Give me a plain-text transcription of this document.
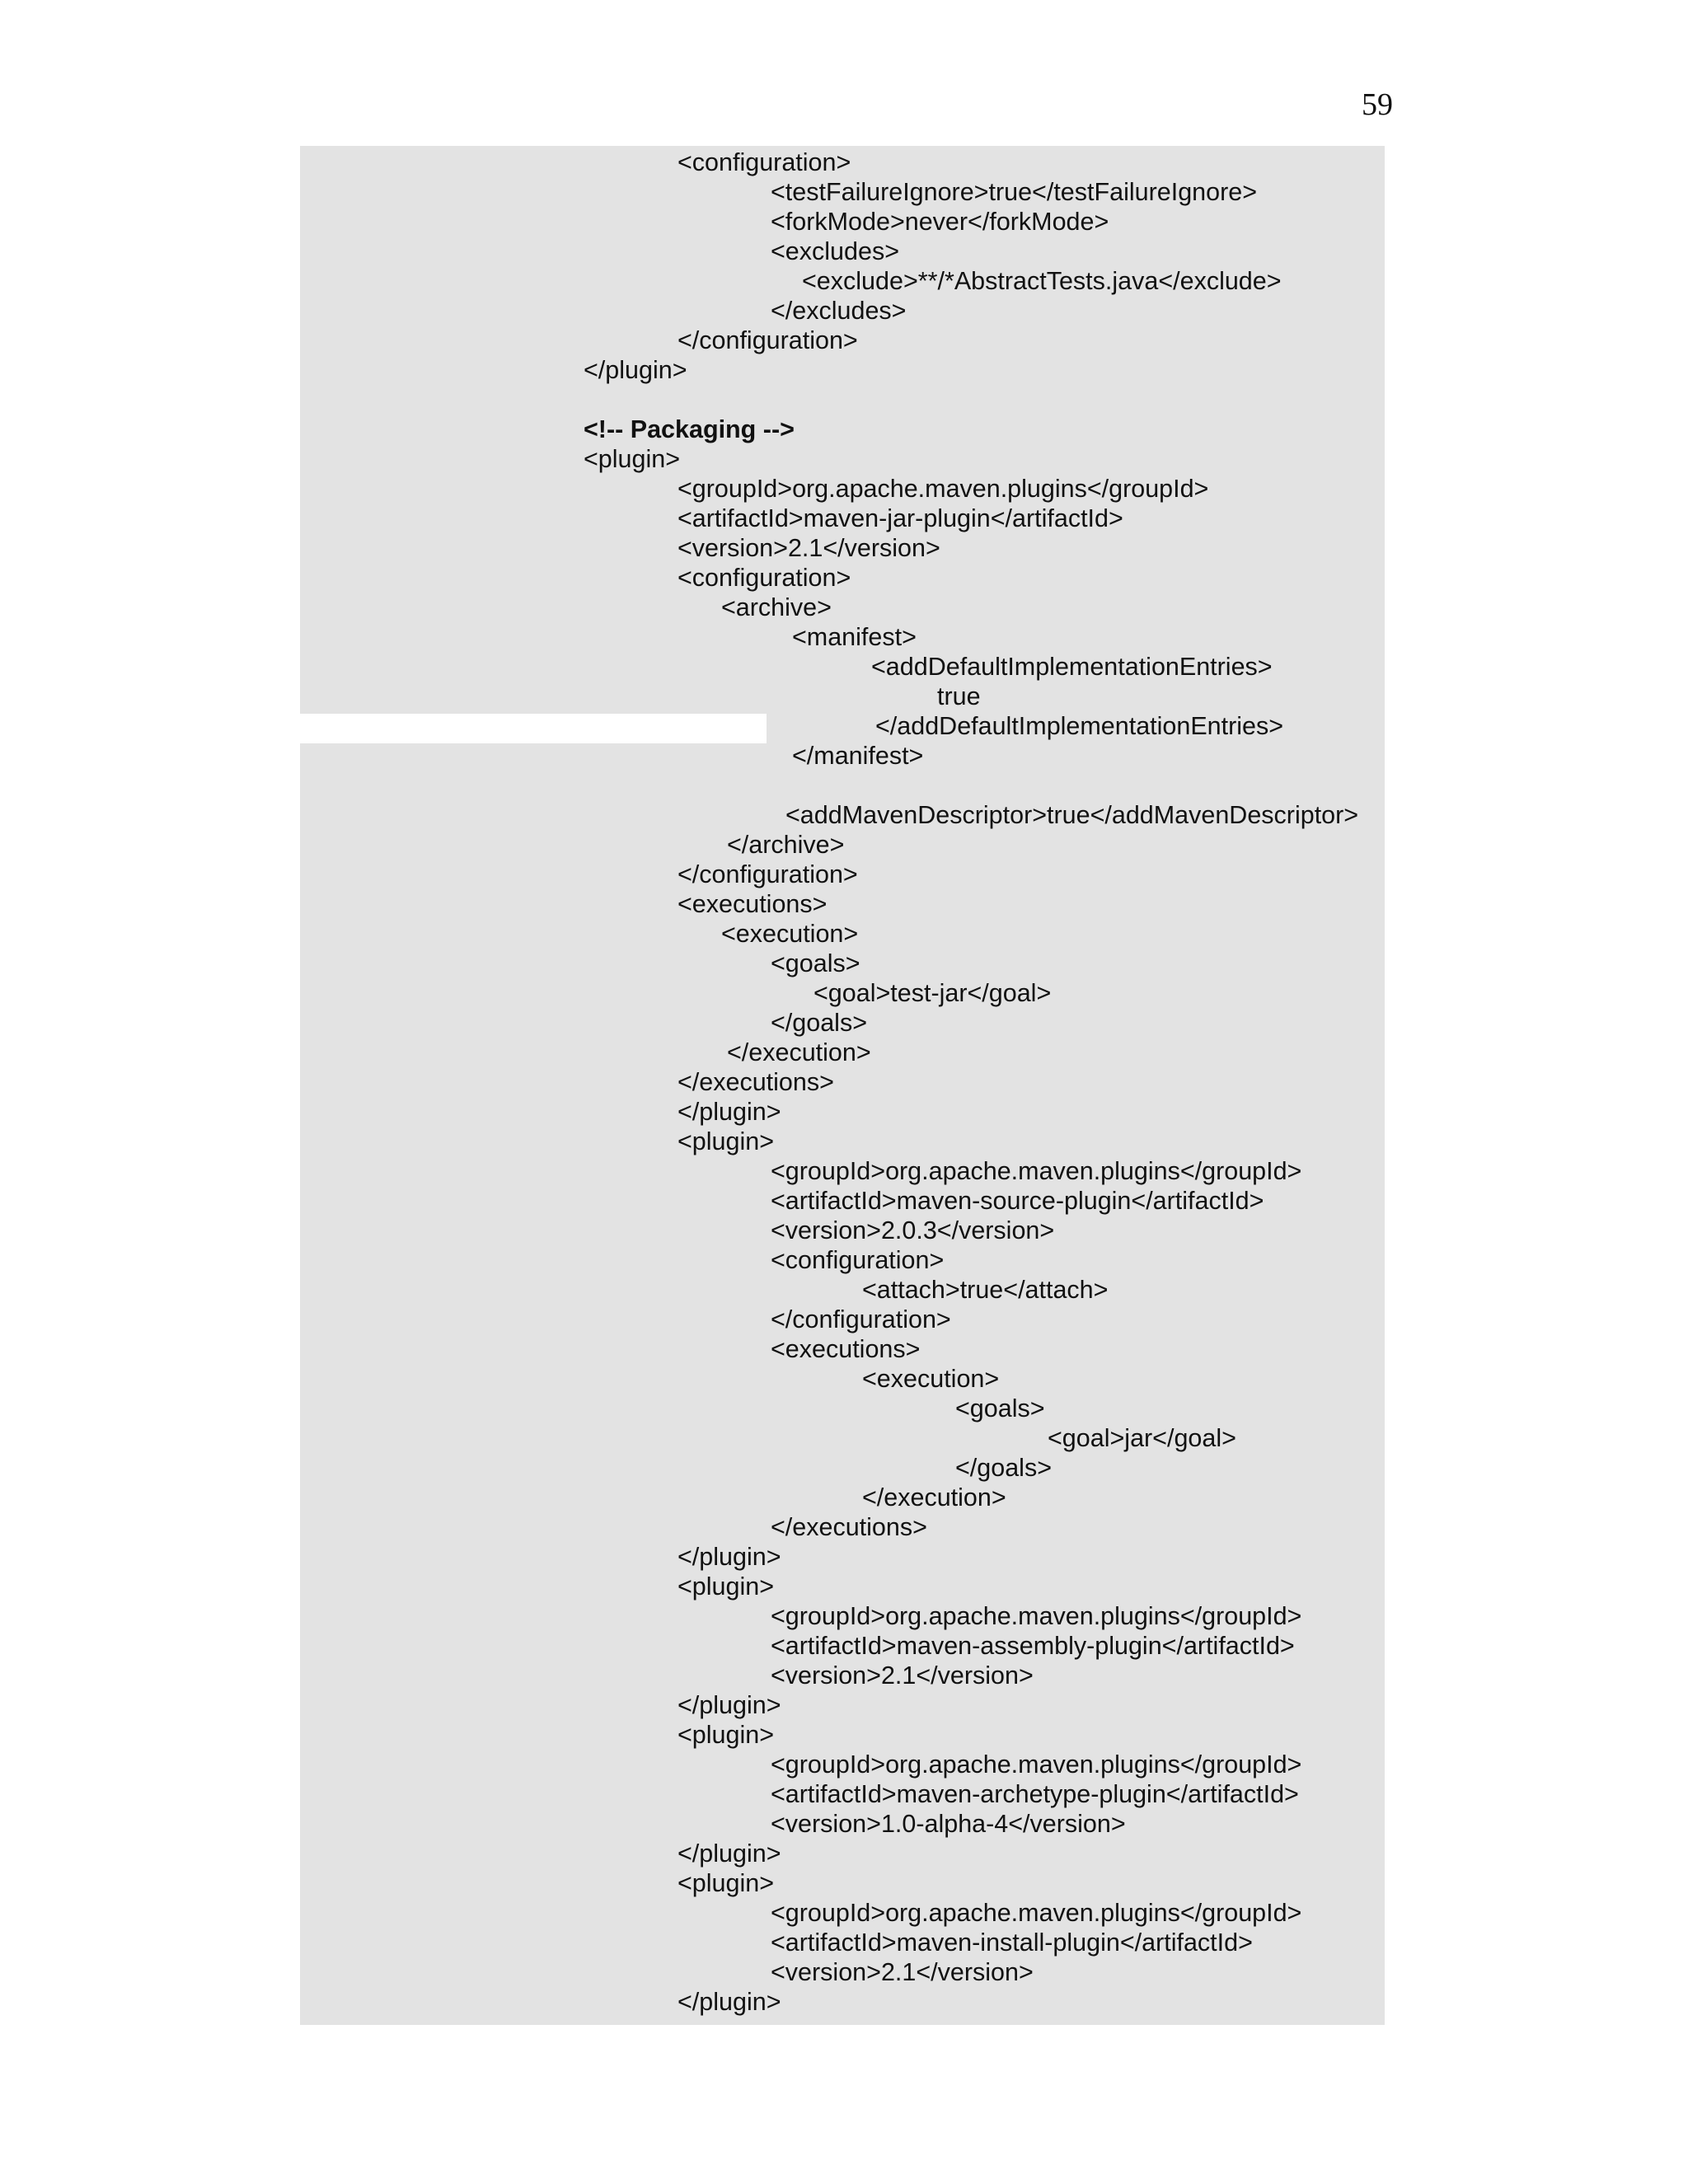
59
<configuration>
<testFailureIgnore>true</testFailureIgnore>
<forkMode>never</forkMode>
<excludes>
<exclude>**/*AbstractTests.java</exclude>
</excludes>
</configuration>
</plugin>
<!-- Packaging -->
<plugin>
<groupId>org.apache.maven.plugins</groupId>
<artifactId>maven-jar-plugin</artifactId>
<version>2.1</version>
<configuration>
<archive>
<manifest>
<addDefaultImplementationEntries>
true
</addDefaultImplementationEntries>
</manifest>
<addMavenDescriptor>true</addMavenDescriptor>
</archive>
</configuration>
<executions>
<execution>
<goals>
<goal>test-jar</goal>
</goals>
</execution>
</executions>
</plugin>
<plugin>
<groupId>org.apache.maven.plugins</groupId>
<artifactId>maven-source-plugin</artifactId>
<version>2.0.3</version>
<configuration>
<attach>true</attach>
</configuration>
<executions>
<execution>
<goals>
<goal>jar</goal>
</goals>
</execution>
</executions>
</plugin>
<plugin>
<groupId>org.apache.maven.plugins</groupId>
<artifactId>maven-assembly-plugin</artifactId>
<version>2.1</version>
</plugin>
<plugin>
<groupId>org.apache.maven.plugins</groupId>
<artifactId>maven-archetype-plugin</artifactId>
<version>1.0-alpha-4</version>
</plugin>
<plugin>
<groupId>org.apache.maven.plugins</groupId>
<artifactId>maven-install-plugin</artifactId>
<version>2.1</version>
</plugin>
